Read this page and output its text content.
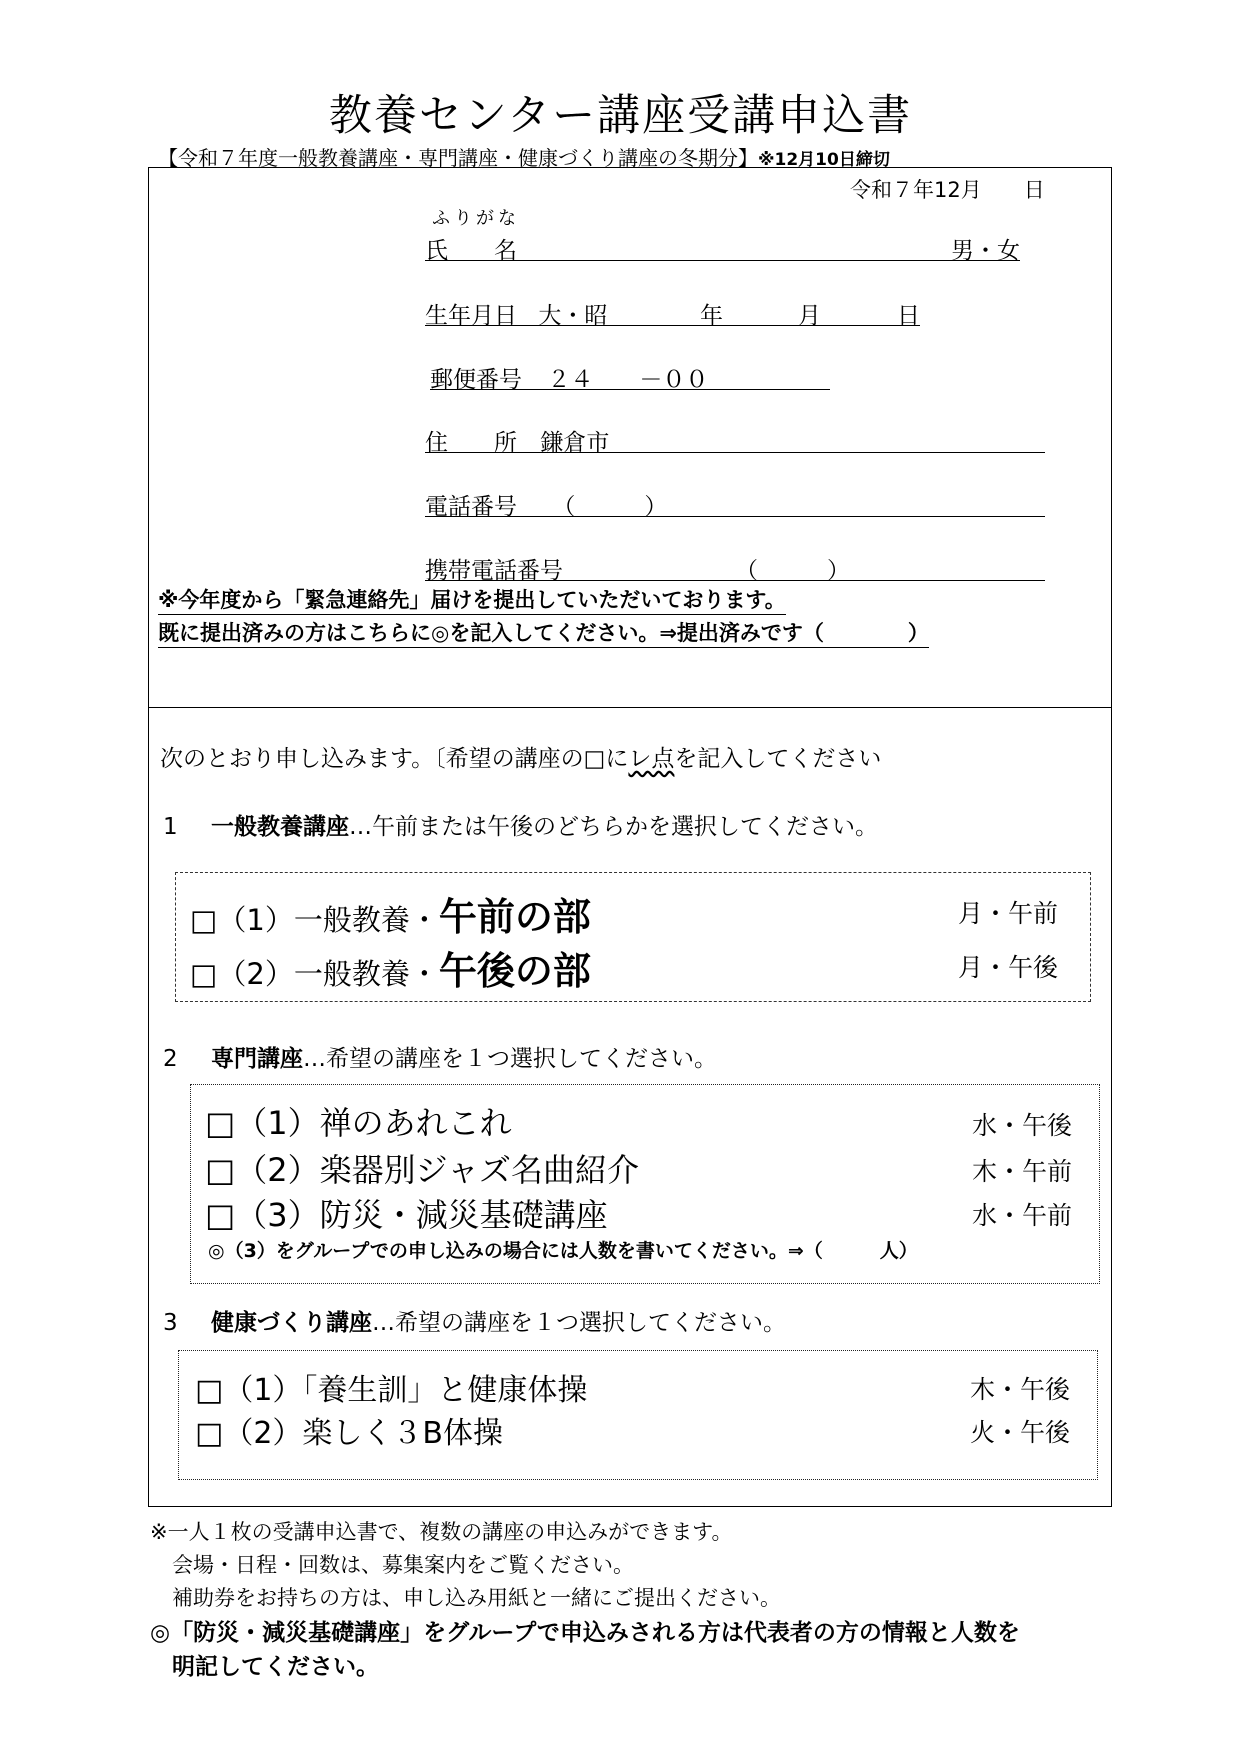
教養センター講座受講申込書
【令和７年度一般教養講座・専門講座・健康づくり講座の冬期分】※12月10日締切
令和７年12月　　日
ふりがな
氏　　名	男・女
生年月日 大・昭	年	月	日
郵便番号 ２４　　－００
住　　所 鎌倉市
電話番号 （　　　）
携帯電話番号	（　　　）
※今年度から「緊急連絡先」届けを提出していただいております。
既に提出済みの方はこちらに◎を記入してください。⇒提出済みです（　　　　）
次のとおり申し込みます。〔希望の講座の□にレ点を記入してください
1 一般教養講座…午前または午後のどちらかを選択してください。
□（1）一般教養・午前の部	月・午前
□（2）一般教養・午後の部	月・午後
2 専門講座…希望の講座を１つ選択してください。
□（1）禅のあれこれ	水・午後
□（2）楽器別ジャズ名曲紹介	木・午前
□（3）防災・減災基礎講座	水・午前
◎（3）をグループでの申し込みの場合には人数を書いてください。⇒（　　　人）
3 健康づくり講座…希望の講座を１つ選択してください。
□（1）「養生訓」と健康体操	木・午後
□（2）楽しく３B体操	火・午後
※一人１枚の受講申込書で、複数の講座の申込みができます。
会場・日程・回数は、募集案内をご覧ください。
補助券をお持ちの方は、申し込み用紙と一緒にご提出ください。
◎「防災・減災基礎講座」をグループで申込みされる方は代表者の方の情報と人数を
明記してください。
